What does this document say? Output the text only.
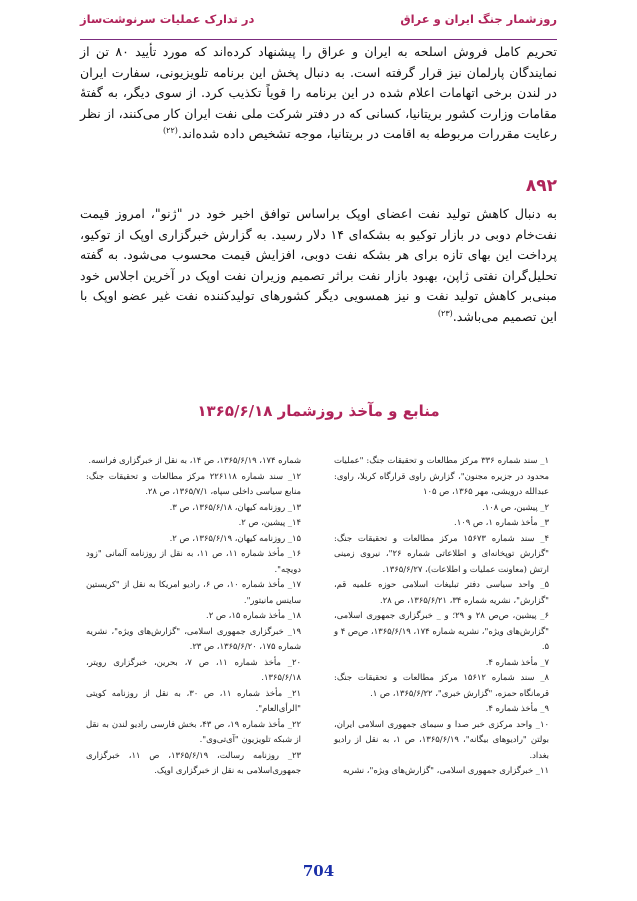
روزشمار جنگ ایران و عراق
در تدارک عملیات سرنوشت‌ساز
تحریم کامل فروش اسلحه به ایران و عراق را پیشنهاد کرده‌اند که مورد تأیید ۸۰ تن از نمایندگان پارلمان نیز قرار گرفته است. به دنبال پخش این برنامه تلویزیونی، سفارت ایران در لندن برخی اتهامات اعلام شده در این برنامه را قویاً تکذیب کرد. از سوی دیگر، به گفتهٔ مقامات وزارت کشور بریتانیا، کسانی که در دفتر شرکت ملی نفت ایران کار می‌کنند، از نظر رعایت مقررات مربوطه به اقامت در بریتانیا، موجه تشخیص داده شده‌اند.$^{(۲۲)}$
۸۹۲
به دنبال کاهش تولید نفت اعضای اوپک براساس توافق اخیر خود در "ژنو"، امروز قیمت نفت‌خام دوبی در بازار توکیو به بشکه‌ای ۱۴ دلار رسید. به گزارش خبرگزاری اوپک از توکیو، پرداخت این بهای تازه برای هر بشکه نفت دوبی، افزایش قیمت محسوب می‌شود. به گفته تحلیل‌گران نفتی ژاپن، بهبود بازار نفت براثر تصمیم وزیران نفت اوپک در آخرین اجلاس خود مبنی‌بر کاهش تولید نفت و نیز همسویی دیگر کشورهای تولیدکننده نفت غیر عضو اوپک با این تصمیم می‌باشد.$^{(۲۳)}$
منابع و مآخذ روزشمار ۱۳۶۵/۶/۱۸

۱_ سند شماره ۳۳۶ مرکز مطالعات و تحقیقات جنگ: "عملیات محدود در جزیره مجنون"، گزارش راوی قرارگاه کربلا، راوی: عبدالله درویشی، مهر ۱۳۶۵، ص ۱۰۵

۲_ پیشین، ص ۱۰۸.

۳_ مأخذ شماره ۱، ص ۱۰۹.

۴_ سند شماره ۱۵۶۷۳ مرکز مطالعات و تحقیقات جنگ: "گزارش توپخانه‌ای و اطلاعاتی شماره ۲۶"، نیروی زمینی ارتش (معاونت عملیات و اطلاعات)، ۱۳۶۵/۶/۲۷.

۵_ واحد سیاسی دفتر تبلیغات اسلامی حوزه علمیه قم، "گزارش"، نشریه شماره ۳۴، ۱۳۶۵/۶/۲۱، ص ۲۸.

۶_ پیشین، ص‌ص ۲۸ و ۲۹؛ و _ خبرگزاری جمهوری اسلامی، "گزارش‌های ویژه"، نشریه شماره ۱۷۴، ۱۳۶۵/۶/۱۹، ص‌ص ۴ و ۵.

۷_ مأخذ شماره ۴.

۸_ سند شماره ۱۵۶۱۲ مرکز مطالعات و تحقیقات جنگ: قرمانگاه حمزه، "گزارش خبری"، ۱۳۶۵/۶/۲۲، ص ۱.

۹_ مأخذ شماره ۴.

۱۰_ واحد مرکزی خبر صدا و سیمای جمهوری اسلامی ایران، بولتن "رادیوهای بیگانه"، ۱۳۶۵/۶/۱۹، ص ۱، به نقل از رادیو بغداد.

۱۱_ خبرگزاری جمهوری اسلامی، "گزارش‌های ویژه"، نشریه

شماره ۱۷۴، ۱۳۶۵/۶/۱۹، ص ۱۴، به نقل از خبرگزاری فرانسه.

۱۲_ سند شماره ۲۲۶۱۱۸ مرکز مطالعات و تحقیقات جنگ: منابع سیاسی داخلی سپاه، ۱۳۶۵/۷/۱، ص ۲۸.

۱۳_ روزنامه کیهان، ۱۳۶۵/۶/۱۸، ص ۳.

۱۴_ پیشین، ص ۲.

۱۵_ روزنامه کیهان، ۱۳۶۵/۶/۱۹، ص ۲.

۱۶_ مأخذ شماره ۱۱، ص ۱۱، به نقل از روزنامه آلمانی "زود دویچه".

۱۷_ مأخذ شماره ۱۰، ص ۶، رادیو امریکا به نقل از "کریستین ساینس مانیتور".

۱۸_ مأخذ شماره ۱۵، ص ۲.

۱۹_ خبرگزاری جمهوری اسلامی، "گزارش‌های ویژه"، نشریه شماره ۱۷۵، ۱۳۶۵/۶/۲۰، ص ۲۳.

۲۰_ مأخذ شماره ۱۱، ص ۷، بحرین، خبرگزاری رویتر، ۱۳۶۵/۶/۱۸.

۲۱_ مأخذ شماره ۱۱، ص ۳۰، به نقل از روزنامه کویتی "الرأی‌العام".

۲۲_ مأخذ شماره ۱۹، ص ۴۳، بخش فارسی رادیو لندن به نقل از شبکه تلویزیون "آی‌تی‌وی".

۲۳_ روزنامه رسالت، ۱۳۶۵/۶/۱۹، ص ۱۱، خبرگزاری جمهوری‌اسلامی به نقل از خبرگزاری اوپک.

704
